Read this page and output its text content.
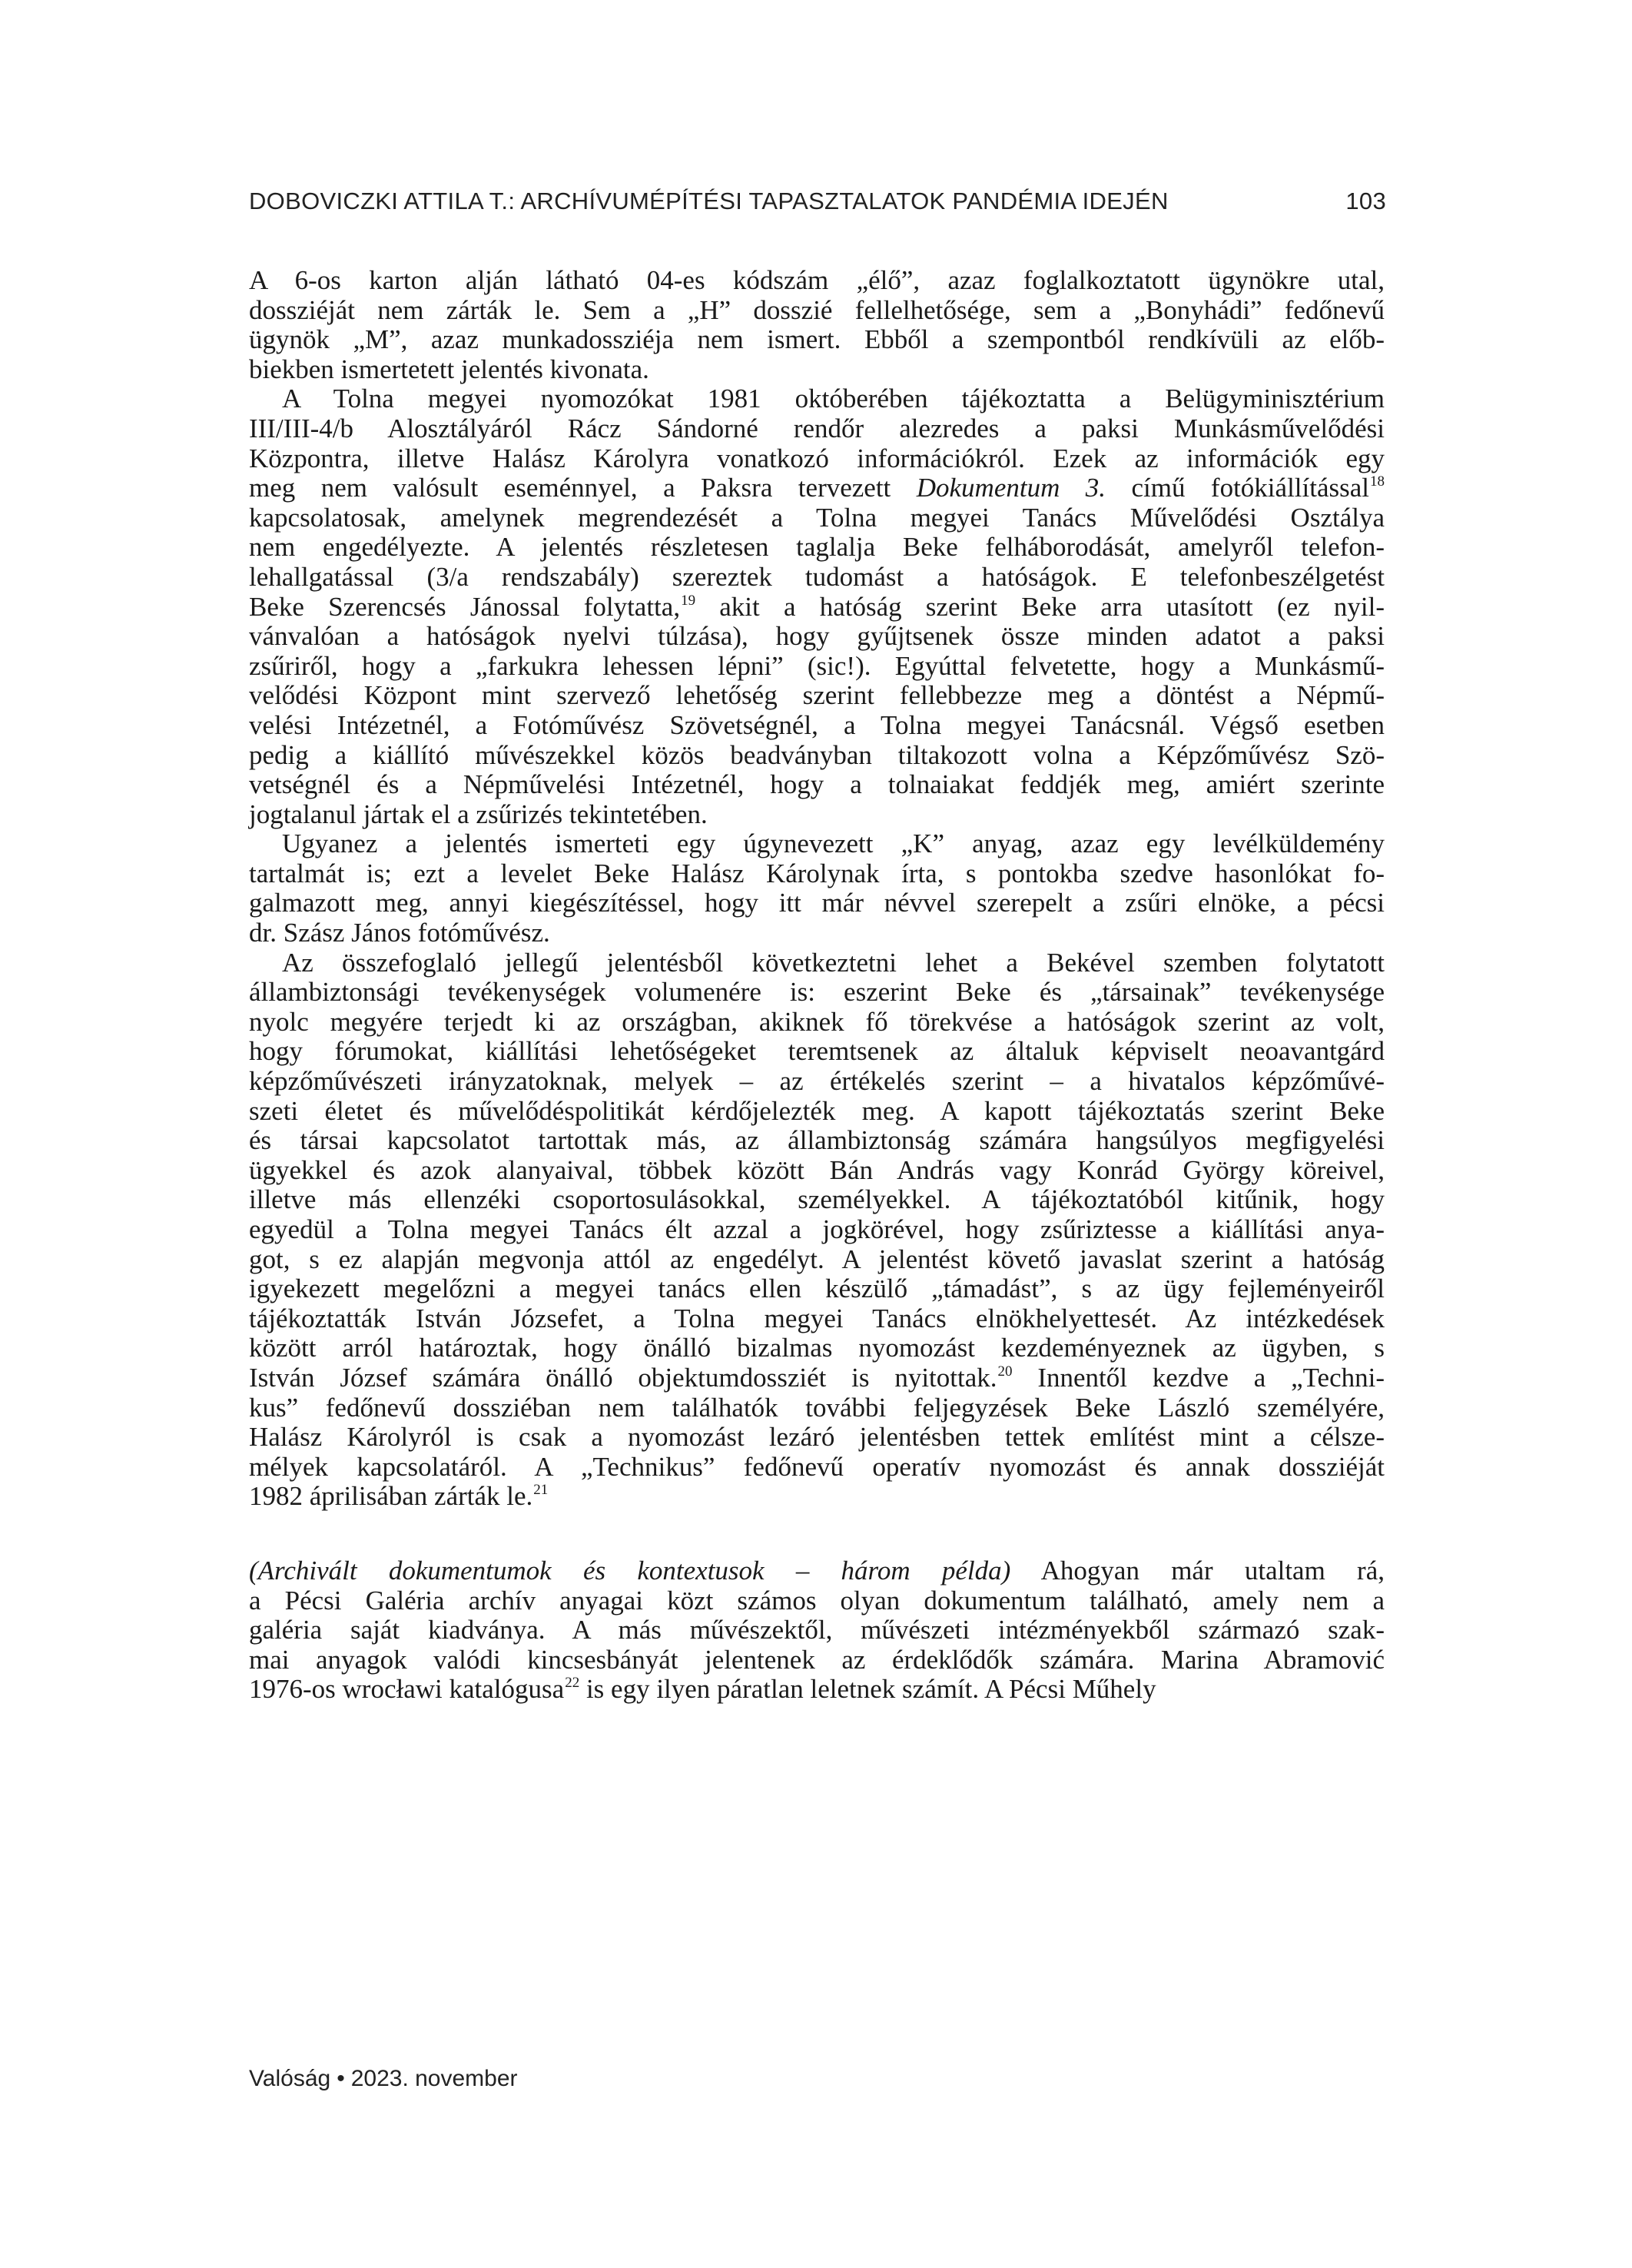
DOBOVICZKI ATTILA T.: ARCHÍVUMÉPÍTÉSI TAPASZTALATOK PANDÉMIA IDEJÉN	103
A 6-os karton alján látható 04-es kódszám „élő”, azaz foglalkoztatott ügynökre utal,
dossziéját nem zárták le. Sem a „H” dosszié fellelhetősége, sem a „Bonyhádi” fedőnevű
ügynök „M”, azaz munkadossziéja nem ismert. Ebből a szempontból rendkívüli az előb-
biekben ismertetett jelentés kivonata.
A Tolna megyei nyomozókat 1981 októberében tájékoztatta a Belügyminisztérium
III/III-4/b Alosztályáról Rácz Sándorné rendőr alezredes a paksi Munkásművelődési
Központra, illetve Halász Károlyra vonatkozó információkról. Ezek az információk egy
meg nem valósult eseménnyel, a Paksra tervezett Dokumentum 3. című fotókiállítással$^{18}$
kapcsolatosak, amelynek megrendezését a Tolna megyei Tanács Művelődési Osztálya
nem engedélyezte. A jelentés részletesen taglalja Beke felháborodását, amelyről telefon-
lehallgatással (3/a rendszabály) szereztek tudomást a hatóságok. E telefonbeszélgetést
Beke Szerencsés Jánossal folytatta,$^{19}$ akit a hatóság szerint Beke arra utasított (ez nyil-
vánvalóan a hatóságok nyelvi túlzása), hogy gyűjtsenek össze minden adatot a paksi
zsűriről, hogy a „farkukra lehessen lépni” (sic!). Egyúttal felvetette, hogy a Munkásmű-
velődési Központ mint szervező lehetőség szerint fellebbezze meg a döntést a Népmű-
velési Intézetnél, a Fotóművész Szövetségnél, a Tolna megyei Tanácsnál. Végső esetben
pedig a kiállító művészekkel közös beadványban tiltakozott volna a Képzőművész Szö-
vetségnél és a Népművelési Intézetnél, hogy a tolnaiakat feddjék meg, amiért szerinte
jogtalanul jártak el a zsűrizés tekintetében.
Ugyanez a jelentés ismerteti egy úgynevezett „K” anyag, azaz egy levélküldemény
tartalmát is; ezt a levelet Beke Halász Károlynak írta, s pontokba szedve hasonlókat fo-
galmazott meg, annyi kiegészítéssel, hogy itt már névvel szerepelt a zsűri elnöke, a pécsi
dr. Szász János fotóművész.
Az összefoglaló jellegű jelentésből következtetni lehet a Bekével szemben folytatott
állambiztonsági tevékenységek volumenére is: eszerint Beke és „társainak” tevékenysége
nyolc megyére terjedt ki az országban, akiknek fő törekvése a hatóságok szerint az volt,
hogy fórumokat, kiállítási lehetőségeket teremtsenek az általuk képviselt neoavantgárd
képzőművészeti irányzatoknak, melyek – az értékelés szerint – a hivatalos képzőművé-
szeti életet és művelődéspolitikát kérdőjelezték meg. A kapott tájékoztatás szerint Beke
és társai kapcsolatot tartottak más, az állambiztonság számára hangsúlyos megfigyelési
ügyekkel és azok alanyaival, többek között Bán András vagy Konrád György köreivel,
illetve más ellenzéki csoportosulásokkal, személyekkel. A tájékoztatóból kitűnik, hogy
egyedül a Tolna megyei Tanács élt azzal a jogkörével, hogy zsűriztesse a kiállítási anya-
got, s ez alapján megvonja attól az engedélyt. A jelentést követő javaslat szerint a hatóság
igyekezett megelőzni a megyei tanács ellen készülő „támadást”, s az ügy fejleményeiről
tájékoztatták István Józsefet, a Tolna megyei Tanács elnökhelyettesét. Az intézkedések
között arról határoztak, hogy önálló bizalmas nyomozást kezdeményeznek az ügyben, s
István József számára önálló objektumdossziét is nyitottak.$^{20}$ Innentől kezdve a „Techni-
kus” fedőnevű dossziéban nem találhatók további feljegyzések Beke László személyére,
Halász Károlyról is csak a nyomozást lezáró jelentésben tettek említést mint a célsze-
mélyek kapcsolatáról. A „Technikus” fedőnevű operatív nyomozást és annak dossziéját
1982 áprilisában zárták le.$^{21}$
(Archivált dokumentumok és kontextusok – három példa) Ahogyan már utaltam rá,
a Pécsi Galéria archív anyagai közt számos olyan dokumentum található, amely nem a
galéria saját kiadványa. A más művészektől, művészeti intézményekből származó szak-
mai anyagok valódi kincsesbányát jelentenek az érdeklődők számára. Marina Abramović
1976-os wrocławi katalógusa$^{22}$ is egy ilyen páratlan leletnek számít. A Pécsi Műhely
Valóság • 2023. november
